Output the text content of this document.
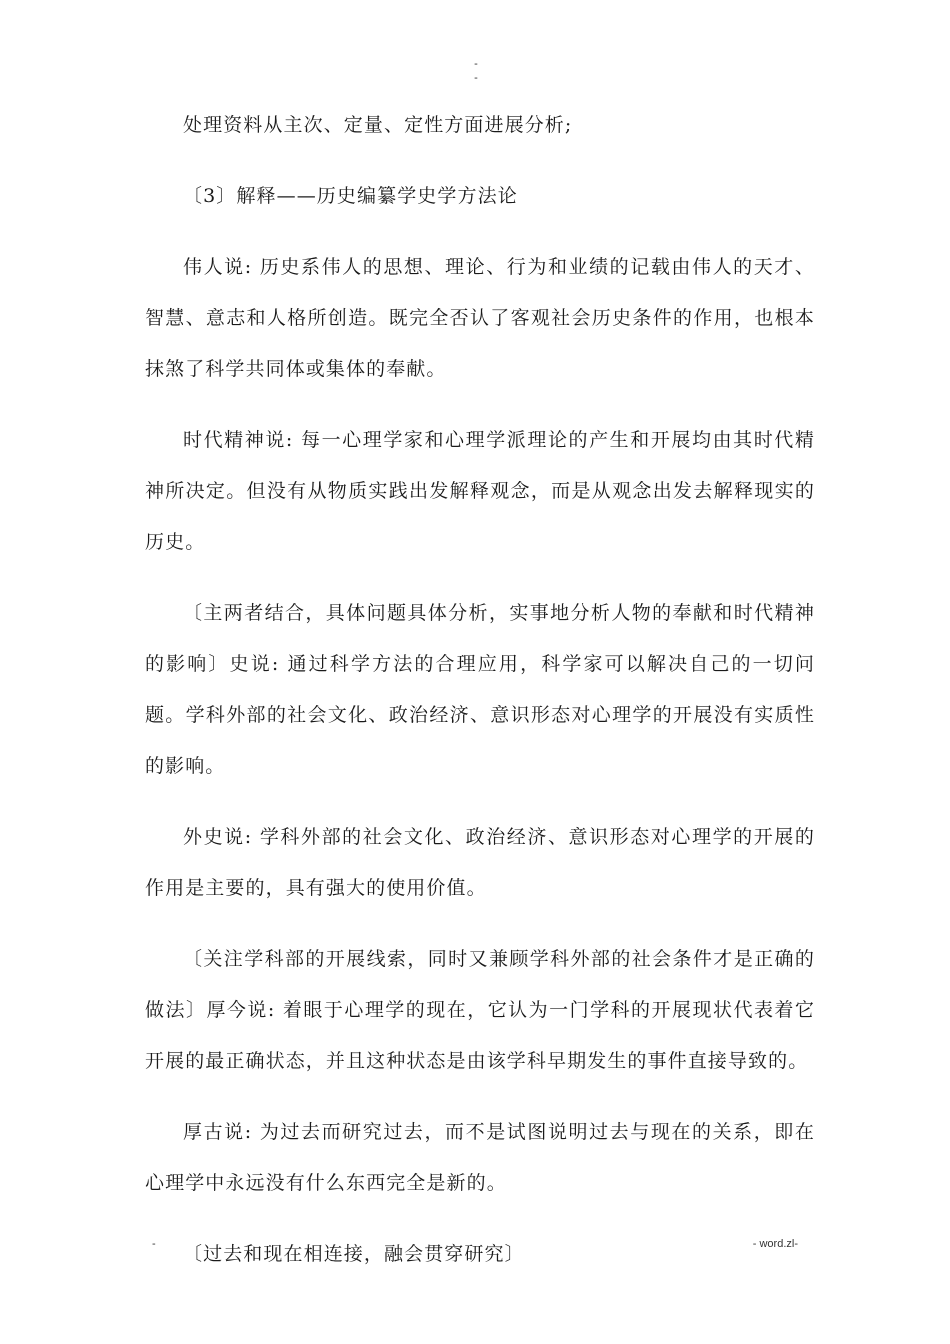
-
-

处理资料从主次、定量、定性方面进展分析;

〔3〕解释——历史编纂学史学方法论

伟人说: 历史系伟人的思想、理论、行为和业绩的记载由伟人的天才、智慧、意志和人格所创造。既完全否认了客观社会历史条件的作用，也根本抹煞了科学共同体或集体的奉献。

时代精神说: 每一心理学家和心理学派理论的产生和开展均由其时代精神所决定。但没有从物质实践出发解释观念，而是从观念出发去解释现实的历史。

〔主两者结合，具体问题具体分析，实事地分析人物的奉献和时代精神的影响〕史说: 通过科学方法的合理应用，科学家可以解决自己的一切问题。学科外部的社会文化、政治经济、意识形态对心理学的开展没有实质性的影响。

外史说: 学科外部的社会文化、政治经济、意识形态对心理学的开展的作用是主要的，具有强大的使用价值。

〔关注学科部的开展线索，同时又兼顾学科外部的社会条件才是正确的做法〕厚今说: 着眼于心理学的现在，它认为一门学科的开展现状代表着它开展的最正确状态，并且这种状态是由该学科早期发生的事件直接导致的。

厚古说: 为过去而研究过去，而不是试图说明过去与现在的关系，即在心理学中永远没有什么东西完全是新的。

〔过去和现在相连接，融会贯穿研究〕

-	- word.zl-
